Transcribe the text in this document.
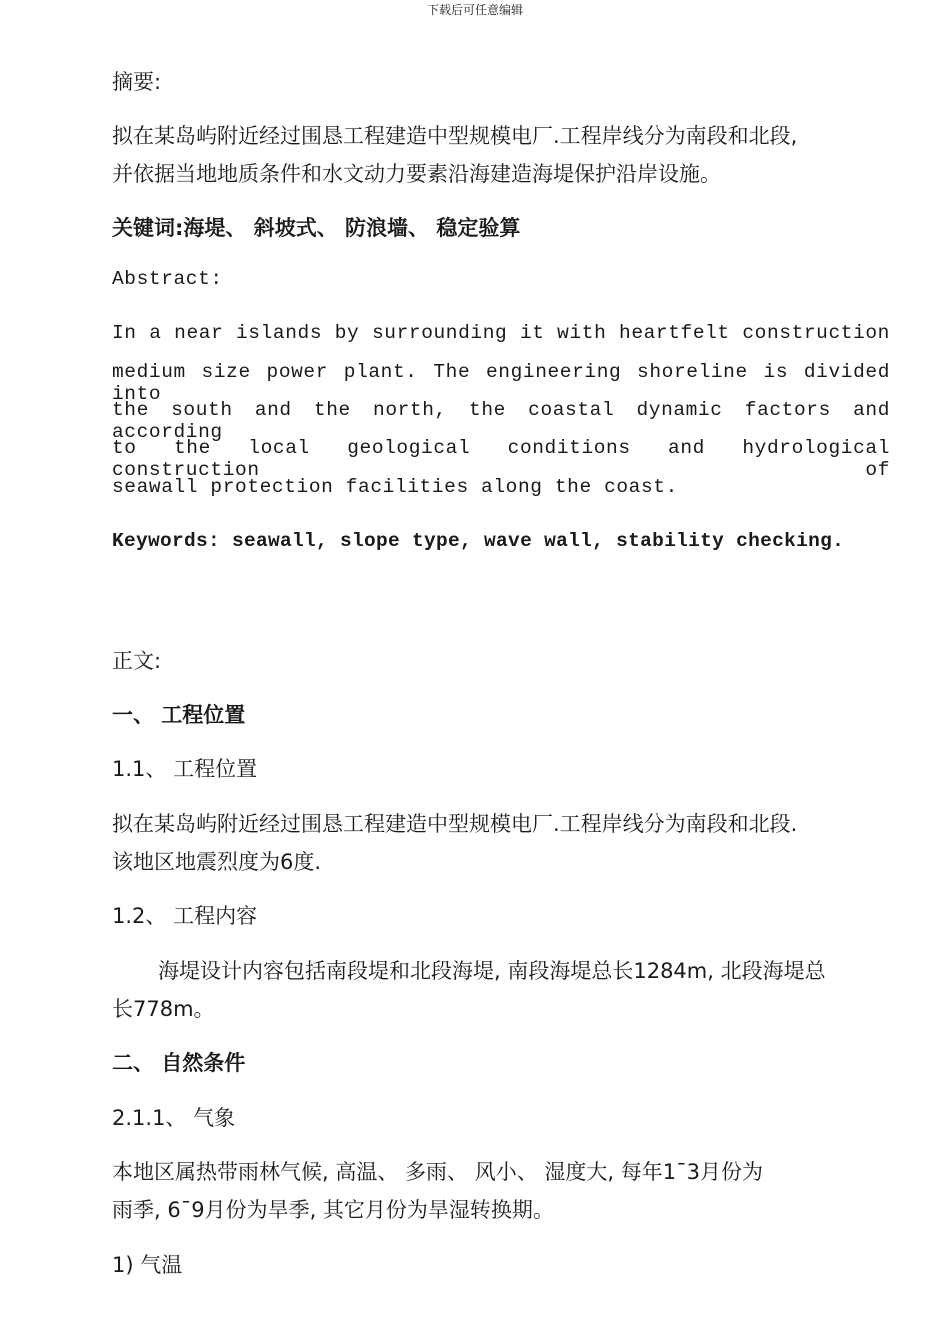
下载后可任意编辑
摘要:
拟在某岛屿附近经过围恳工程建造中型规模电厂.工程岸线分为南段和北段,
并依据当地地质条件和水文动力要素沿海建造海堤保护沿岸设施。
关键词:海堤、 斜坡式、 防浪墙、 稳定验算
Abstract:
In a near islands by surrounding it with heartfelt construction
medium size power plant. The engineering shoreline is divided into
the south and the north, the coastal dynamic factors and according
to the local geological conditions and hydrological construction of
seawall protection facilities along the coast.
Keywords: seawall, slope type, wave wall, stability checking.
正文:
一、 工程位置
1.1、 工程位置
拟在某岛屿附近经过围恳工程建造中型规模电厂.工程岸线分为南段和北段.
该地区地震烈度为6度.
1.2、 工程内容
海堤设计内容包括南段堤和北段海堤, 南段海堤总长1284m, 北段海堤总
长778m。
二、 自然条件
2.1.1、 气象
本地区属热带雨林气候, 高温、 多雨、 风小、 湿度大, 每年1¯3月份为
雨季, 6¯9月份为旱季, 其它月份为旱湿转换期。
1) 气温
